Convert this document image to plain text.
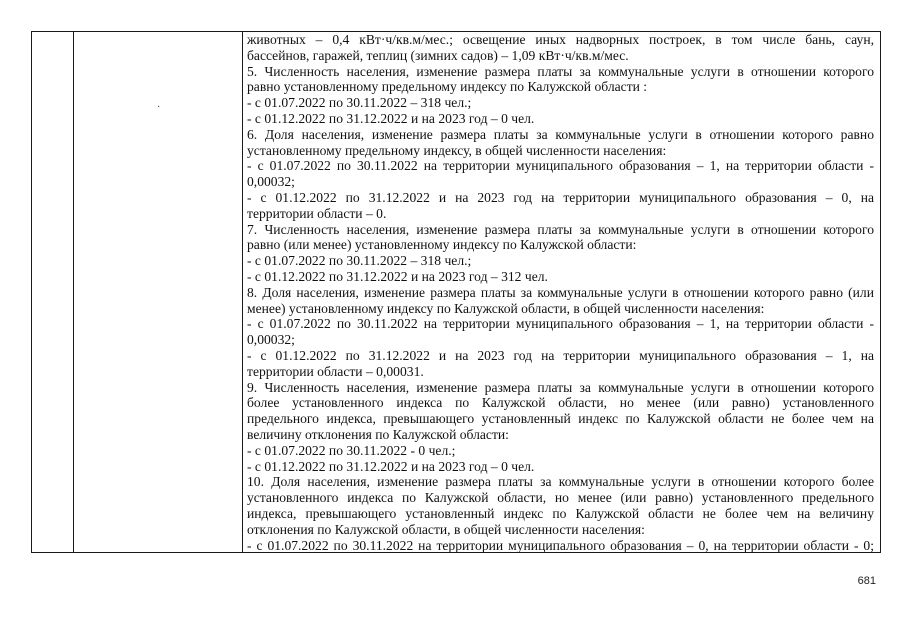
·
животных – 0,4 кВт·ч/кв.м/мес.; освещение иных надворных построек, в том числе бань, саун,
бассейнов, гаражей, теплиц (зимних садов) – 1,09 кВт·ч/кв.м/мес.
5. Численность населения, изменение размера платы за коммунальные услуги в отношении которого
равно установленному предельному индексу по Калужской области :
- с 01.07.2022 по 30.11.2022 – 318 чел.;
- с 01.12.2022 по 31.12.2022 и на 2023 год – 0 чел.
6. Доля населения, изменение размера платы за коммунальные услуги в отношении которого равно
установленному предельному индексу, в общей численности населения:
- с 01.07.2022 по 30.11.2022 на территории муниципального образования – 1, на территории области -
0,00032;
- с 01.12.2022 по 31.12.2022 и на 2023 год на территории муниципального образования – 0, на
территории области – 0.
7. Численность населения, изменение размера платы за коммунальные услуги в отношении которого
равно (или менее) установленному индексу по Калужской области:
- с 01.07.2022 по 30.11.2022 – 318 чел.;
- с 01.12.2022 по 31.12.2022 и на 2023 год – 312 чел.
8. Доля населения, изменение размера платы за коммунальные услуги в отношении которого равно (или
менее) установленному индексу по Калужской области, в общей численности населения:
- с 01.07.2022 по 30.11.2022 на территории муниципального образования – 1, на территории области -
0,00032;
- с 01.12.2022 по 31.12.2022 и на 2023 год на территории муниципального образования – 1, на
территории области – 0,00031.
9. Численность населения, изменение размера платы за коммунальные услуги в отношении которого
более установленного индекса по Калужской области, но менее (или равно) установленного
предельного индекса, превышающего установленный индекс по Калужской области не более чем на
величину отклонения по Калужской области:
- с 01.07.2022 по 30.11.2022 - 0 чел.;
- с 01.12.2022 по 31.12.2022 и на 2023 год – 0 чел.
10. Доля населения, изменение размера платы за коммунальные услуги в отношении которого более
установленного индекса по Калужской области, но менее (или равно) установленного предельного
индекса, превышающего установленный индекс по Калужской области не более чем на величину
отклонения по Калужской области, в общей численности населения:
- с 01.07.2022 по 30.11.2022 на территории муниципального образования – 0, на территории области - 0;
681
